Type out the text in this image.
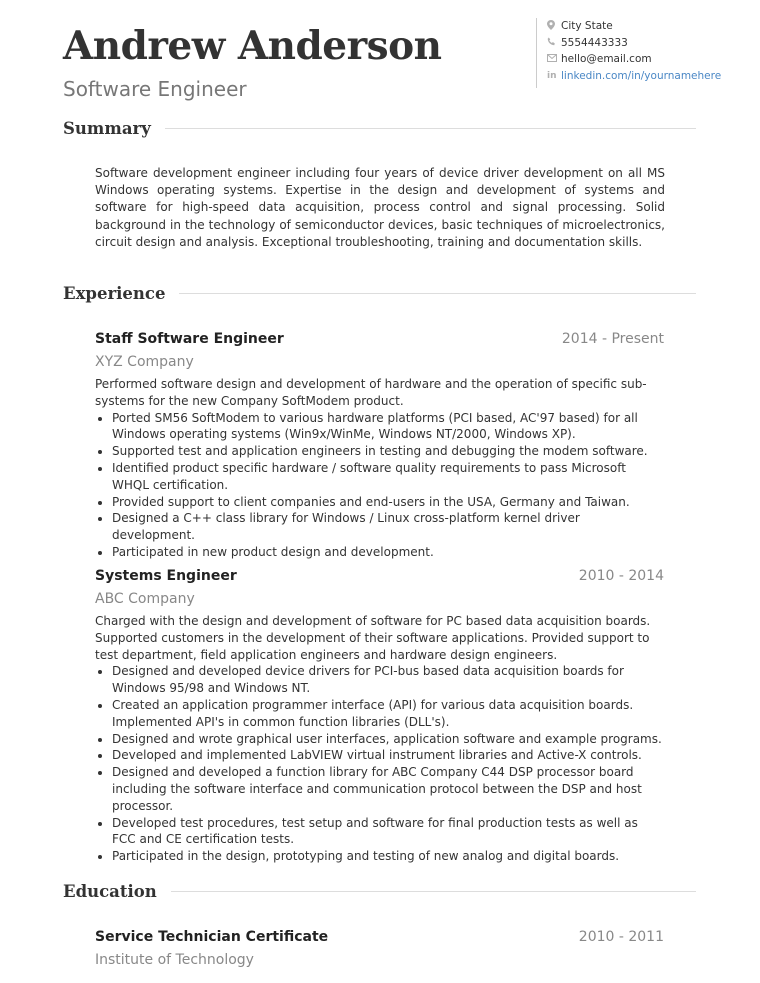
Andrew Anderson
Software Engineer
City State
5554443333
hello@email.com
in linkedin.com/in/yournamehere
Summary
Software development engineer including four years of device driver development on all MS Windows operating systems. Expertise in the design and development of systems and software for high-speed data acquisition, process control and signal processing. Solid background in the technology of semiconductor devices, basic techniques of microelectronics, circuit design and analysis. Exceptional troubleshooting, training and documentation skills.
Experience
Staff Software Engineer	2014 - Present
XYZ Company

Performed software design and development of hardware and the operation of specific sub-systems for the new Company SoftModem product.

• Ported SM56 SoftModem to various hardware platforms (PCI based, AC'97 based) for all Windows operating systems (Win9x/WinMe, Windows NT/2000, Windows XP).
• Supported test and application engineers in testing and debugging the modem software.
• Identified product specific hardware / software quality requirements to pass Microsoft WHQL certification.
• Provided support to client companies and end-users in the USA, Germany and Taiwan.
• Designed a C++ class library for Windows / Linux cross-platform kernel driver development.
• Participated in new product design and development.
Systems Engineer	2010 - 2014
ABC Company

Charged with the design and development of software for PC based data acquisition boards. Supported customers in the development of their software applications. Provided support to test department, field application engineers and hardware design engineers.

• Designed and developed device drivers for PCI-bus based data acquisition boards for Windows 95/98 and Windows NT.
• Created an application programmer interface (API) for various data acquisition boards. Implemented API's in common function libraries (DLL's).
• Designed and wrote graphical user interfaces, application software and example programs.
• Developed and implemented LabVIEW virtual instrument libraries and Active-X controls.
• Designed and developed a function library for ABC Company C44 DSP processor board including the software interface and communication protocol between the DSP and host processor.
• Developed test procedures, test setup and software for final production tests as well as FCC and CE certification tests.
• Participated in the design, prototyping and testing of new analog and digital boards.
Education
Service Technician Certificate	2010 - 2011
Institute of Technology
